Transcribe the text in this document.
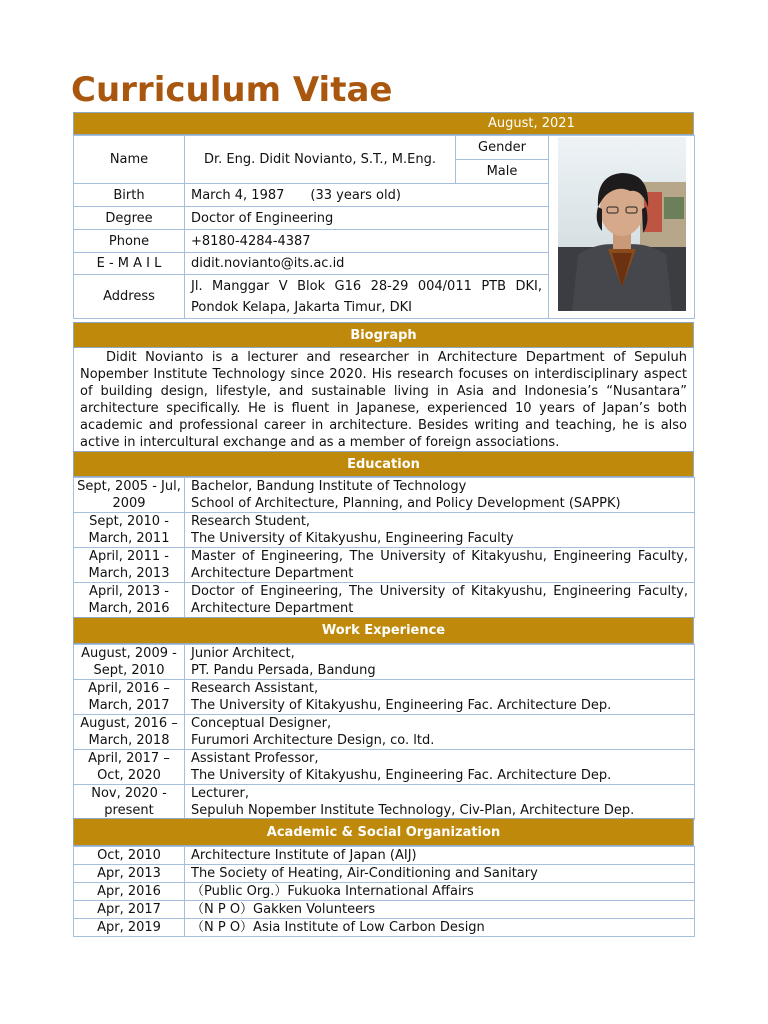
Curriculum Vitae
August, 2021
Name	Dr. Eng. Didit Novianto, S.T., M.Eng.	Gender	
		Male	
Birth	March 4, 1987　　(33 years old)		
Degree	Doctor of Engineering		
Phone	+8180-4284-4387		
E - M A I L	didit.novianto@its.ac.id		
Address	Jl. Manggar V Blok G16 28-29 004/011 PTB DKI, Pondok Kelapa, Jakarta Timur, DKI		
Biograph
Didit Novianto is a lecturer and researcher in Architecture Department of Sepuluh Nopember Institute Technology since 2020. His research focuses on interdisciplinary aspect of building design, lifestyle, and sustainable living in Asia and Indonesia’s “Nusantara” architecture specifically. He is fluent in Japanese, experienced 10 years of Japan’s both academic and professional career in architecture. Besides writing and teaching, he is also active in intercultural exchange and as a member of foreign associations.
Education
Sept, 2005 - Jul, 2009	Bachelor, Bandung Institute of Technology
School of Architecture, Planning, and Policy Development (SAPPK)

Sept, 2010 - March, 2011	Research Student,
The University of Kitakyushu, Engineering Faculty

April, 2011 - March, 2013	Master of Engineering, The University of Kitakyushu, Engineering Faculty, Architecture Department
April, 2013 - March, 2016	Doctor of Engineering, The University of Kitakyushu, Engineering Faculty, Architecture Department
Work Experience
August, 2009 - Sept, 2010	Junior Architect,
PT. Pandu Persada, Bandung

April, 2016 – March, 2017	Research Assistant,
The University of Kitakyushu, Engineering Fac. Architecture Dep.

August, 2016 – March, 2018	Conceptual Designer,
Furumori Architecture Design, co. ltd.

April, 2017 – Oct, 2020	Assistant Professor,
The University of Kitakyushu, Engineering Fac. Architecture Dep.

Nov, 2020 - present	Lecturer,
Sepuluh Nopember Institute Technology, Civ-Plan, Architecture Dep.
Academic & Social Organization
Oct, 2010	Architecture Institute of Japan (AIJ)
Apr, 2013	The Society of Heating, Air-Conditioning and Sanitary
Apr, 2016	（Public Org.）Fukuoka International Affairs
Apr, 2017	（N P O）Gakken Volunteers
Apr, 2019	（N P O）Asia Institute of Low Carbon Design
